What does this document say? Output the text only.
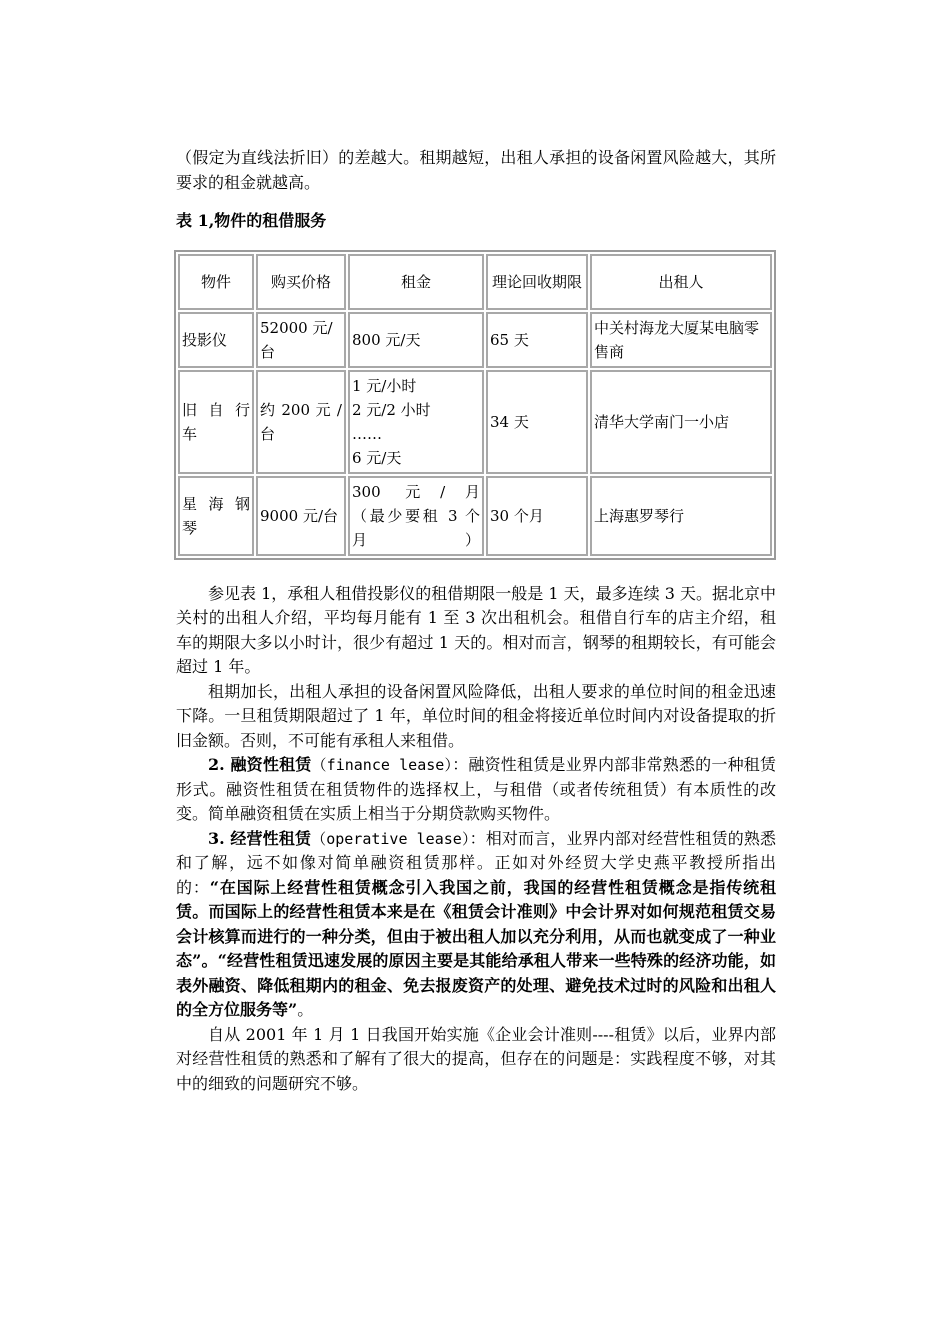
（假定为直线法折旧）的差越大。租期越短，出租人承担的设备闲置风险越大，其所要求的租金就越高。

表 1,物件的租借服务

物件	购买价格	租金	理论回收期限	出租人
投影仪	52000 元/台	800 元/天	65 天	中关村海龙大厦某电脑零售商
旧 自 行 车	约 200 元 /台	1 元/小时
2 元/2 小时
……
6 元/天	34 天	清华大学南门一小店
星 海 钢 琴	9000 元/台	300 元/月
（最少要租 3 个月）	30 个月	上海惠罗琴行

参见表 1，承租人租借投影仪的租借期限一般是 1 天，最多连续 3 天。据北京中关村的出租人介绍，平均每月能有 1 至 3 次出租机会。租借自行车的店主介绍，租车的期限大多以小时计，很少有超过 1 天的。相对而言，钢琴的租期较长，有可能会超过 1 年。

租期加长，出租人承担的设备闲置风险降低，出租人要求的单位时间的租金迅速下降。一旦租赁期限超过了 1 年，单位时间的租金将接近单位时间内对设备提取的折旧金额。否则，不可能有承租人来租借。

2. 融资性租赁（finance lease）：融资性租赁是业界内部非常熟悉的一种租赁形式。融资性租赁在租赁物件的选择权上，与租借（或者传统租赁）有本质性的改变。简单融资租赁在实质上相当于分期贷款购买物件。

3. 经营性租赁（operative lease）：相对而言，业界内部对经营性租赁的熟悉和了解，远不如像对简单融资租赁那样。正如对外经贸大学史燕平教授所指出的：“在国际上经营性租赁概念引入我国之前，我国的经营性租赁概念是指传统租赁。而国际上的经营性租赁本来是在《租赁会计准则》中会计界对如何规范租赁交易会计核算而进行的一种分类，但由于被出租人加以充分利用，从而也就变成了一种业态”。“经营性租赁迅速发展的原因主要是其能给承租人带来一些特殊的经济功能，如表外融资、降低租期内的租金、免去报废资产的处理、避免技术过时的风险和出租人的全方位服务等”。

自从 2001 年 1 月 1 日我国开始实施《企业会计准则----租赁》以后，业界内部对经营性租赁的熟悉和了解有了很大的提高，但存在的问题是：实践程度不够，对其中的细致的问题研究不够。
